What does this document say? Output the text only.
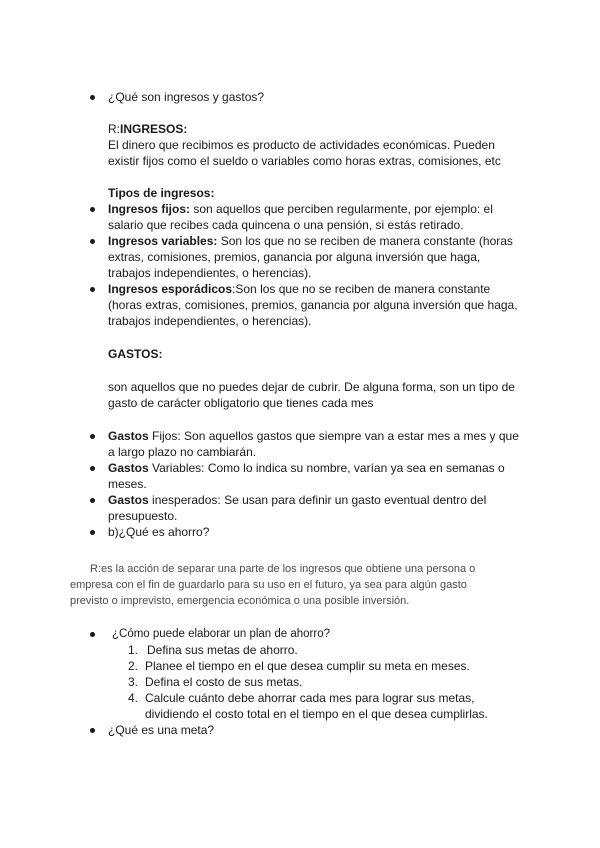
¿Qué son ingresos y gastos?
R:INGRESOS:
El dinero que recibimos es producto de actividades económicas. Pueden
existir fijos como el sueldo o variables como horas extras, comisiones, etc
Tipos de ingresos:
Ingresos fijos: son aquellos que perciben regularmente, por ejemplo: el
salario que recibes cada quincena o una pensión, si estás retirado.
Ingresos variables: Son los que no se reciben de manera constante (horas
extras, comisiones, premios, ganancia por alguna inversión que haga,
trabajos independientes, o herencias).
Ingresos esporádicos:Son los que no se reciben de manera constante
(horas extras, comisiones, premios, ganancia por alguna inversión que haga,
trabajos independientes, o herencias).
GASTOS:
son aquellos que no puedes dejar de cubrir. De alguna forma, son un tipo de
gasto de carácter obligatorio que tienes cada mes
Gastos Fijos: Son aquellos gastos que siempre van a estar mes a mes y que
a largo plazo no cambiarán.
Gastos Variables: Como lo indica su nombre, varían ya sea en semanas o
meses.
Gastos inesperados: Se usan para definir un gasto eventual dentro del
presupuesto.
b)¿Qué es ahorro?
R:es la acción de separar una parte de los ingresos que obtiene una persona o
empresa con el fin de guardarlo para su uso en el futuro, ya sea para algún gasto
previsto o imprevisto, emergencia económica o una posible inversión.
¿Cómo puede elaborar un plan de ahorro?
1. Defina sus metas de ahorro.
2. Planee el tiempo en el que desea cumplir su meta en meses.
3. Defina el costo de sus metas.
4. Calcule cuánto debe ahorrar cada mes para lograr sus metas,
dividiendo el costo total en el tiempo en el que desea cumplirlas.
¿Qué es una meta?
